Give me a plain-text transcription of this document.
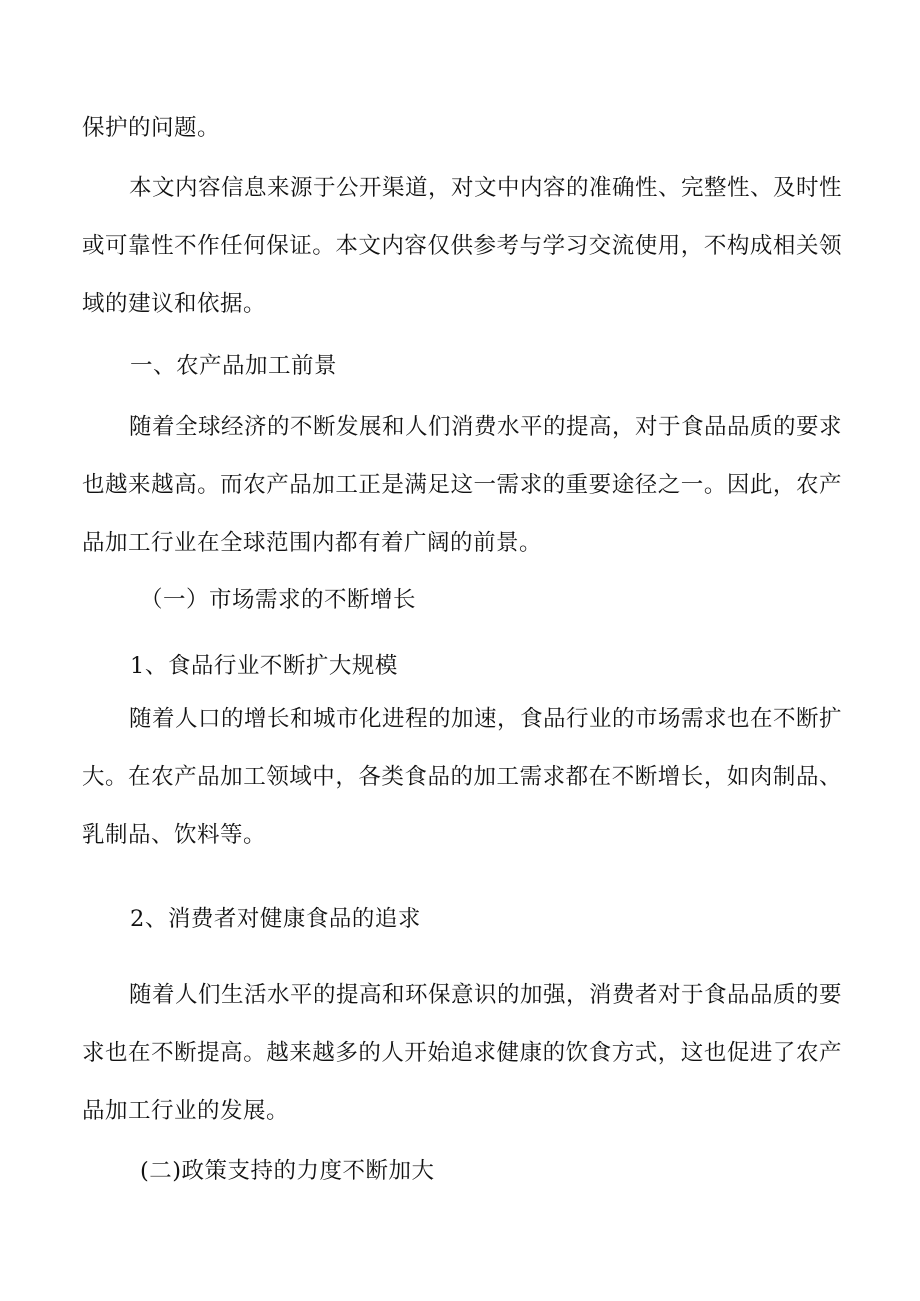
保护的问题。
本文内容信息来源于公开渠道，对文中内容的准确性、完整性、及时性或可靠性不作任何保证。本文内容仅供参考与学习交流使用，不构成相关领域的建议和依据。
一、农产品加工前景
随着全球经济的不断发展和人们消费水平的提高，对于食品品质的要求也越来越高。而农产品加工正是满足这一需求的重要途径之一。因此，农产品加工行业在全球范围内都有着广阔的前景。
（一）市场需求的不断增长
1、食品行业不断扩大规模
随着人口的增长和城市化进程的加速，食品行业的市场需求也在不断扩大。在农产品加工领域中，各类食品的加工需求都在不断增长，如肉制品、乳制品、饮料等。
2、消费者对健康食品的追求
随着人们生活水平的提高和环保意识的加强，消费者对于食品品质的要求也在不断提高。越来越多的人开始追求健康的饮食方式，这也促进了农产品加工行业的发展。
(二)政策支持的力度不断加大
